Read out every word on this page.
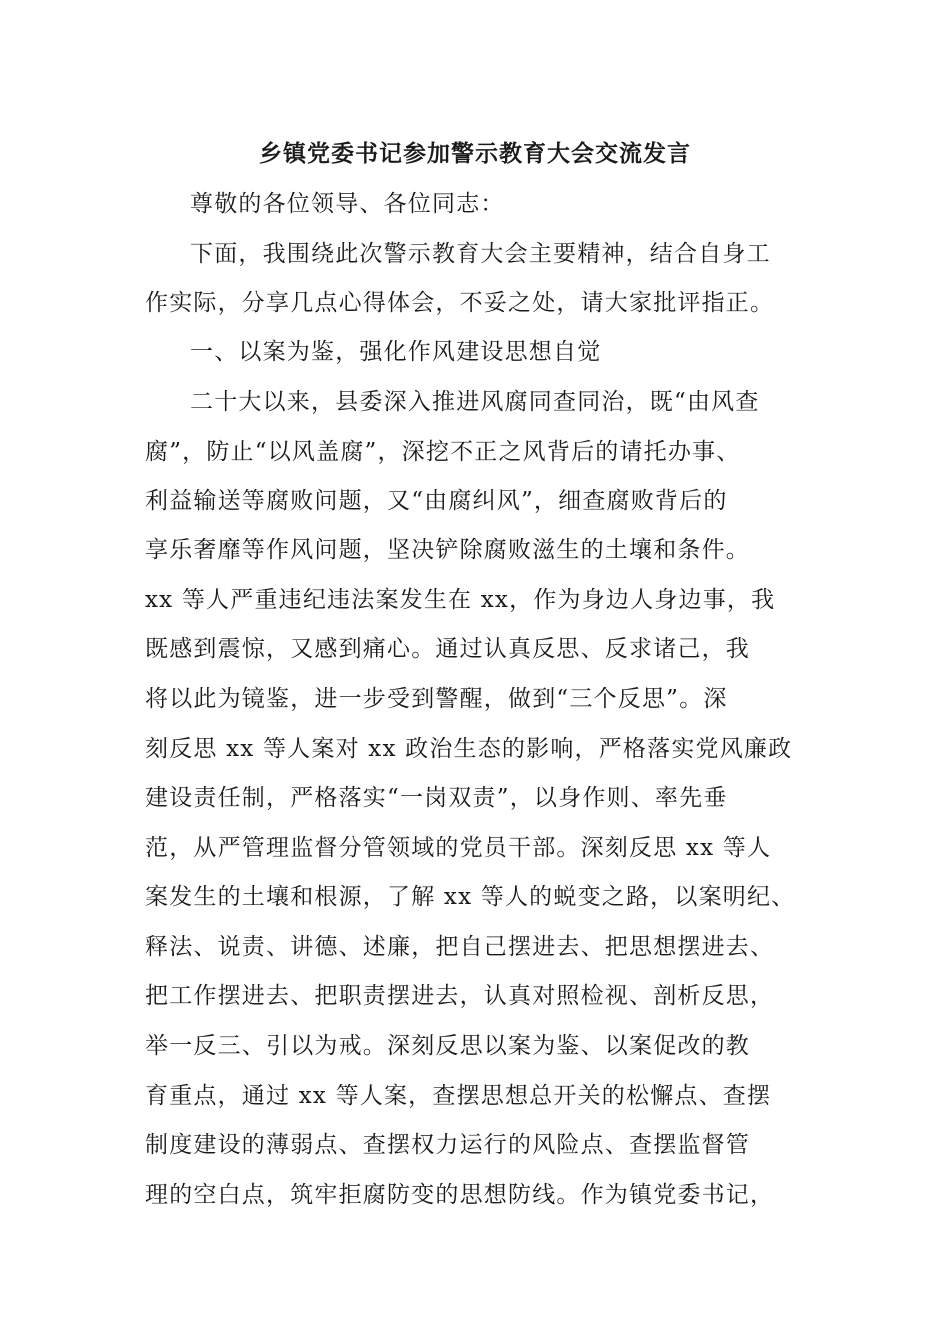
乡镇党委书记参加警示教育大会交流发言
尊敬的各位领导、各位同志：
下面，我围绕此次警示教育大会主要精神，结合自身工
作实际，分享几点心得体会，不妥之处，请大家批评指正。
一、以案为鉴，强化作风建设思想自觉
二十大以来，县委深入推进风腐同查同治，既“由风查
腐”，防止“以风盖腐”，深挖不正之风背后的请托办事、
利益输送等腐败问题，又“由腐纠风”，细查腐败背后的
享乐奢靡等作风问题，坚决铲除腐败滋生的土壤和条件。
xx 等人严重违纪违法案发生在 xx，作为身边人身边事，我
既感到震惊，又感到痛心。通过认真反思、反求诸己，我
将以此为镜鉴，进一步受到警醒，做到“三个反思”。深
刻反思 xx 等人案对 xx 政治生态的影响，严格落实党风廉政
建设责任制，严格落实“一岗双责”，以身作则、率先垂
范，从严管理监督分管领域的党员干部。深刻反思 xx 等人
案发生的土壤和根源，了解 xx 等人的蜕变之路，以案明纪、
释法、说责、讲德、述廉，把自己摆进去、把思想摆进去、
把工作摆进去、把职责摆进去，认真对照检视、剖析反思，
举一反三、引以为戒。深刻反思以案为鉴、以案促改的教
育重点，通过 xx 等人案，查摆思想总开关的松懈点、查摆
制度建设的薄弱点、查摆权力运行的风险点、查摆监督管
理的空白点，筑牢拒腐防变的思想防线。作为镇党委书记，
